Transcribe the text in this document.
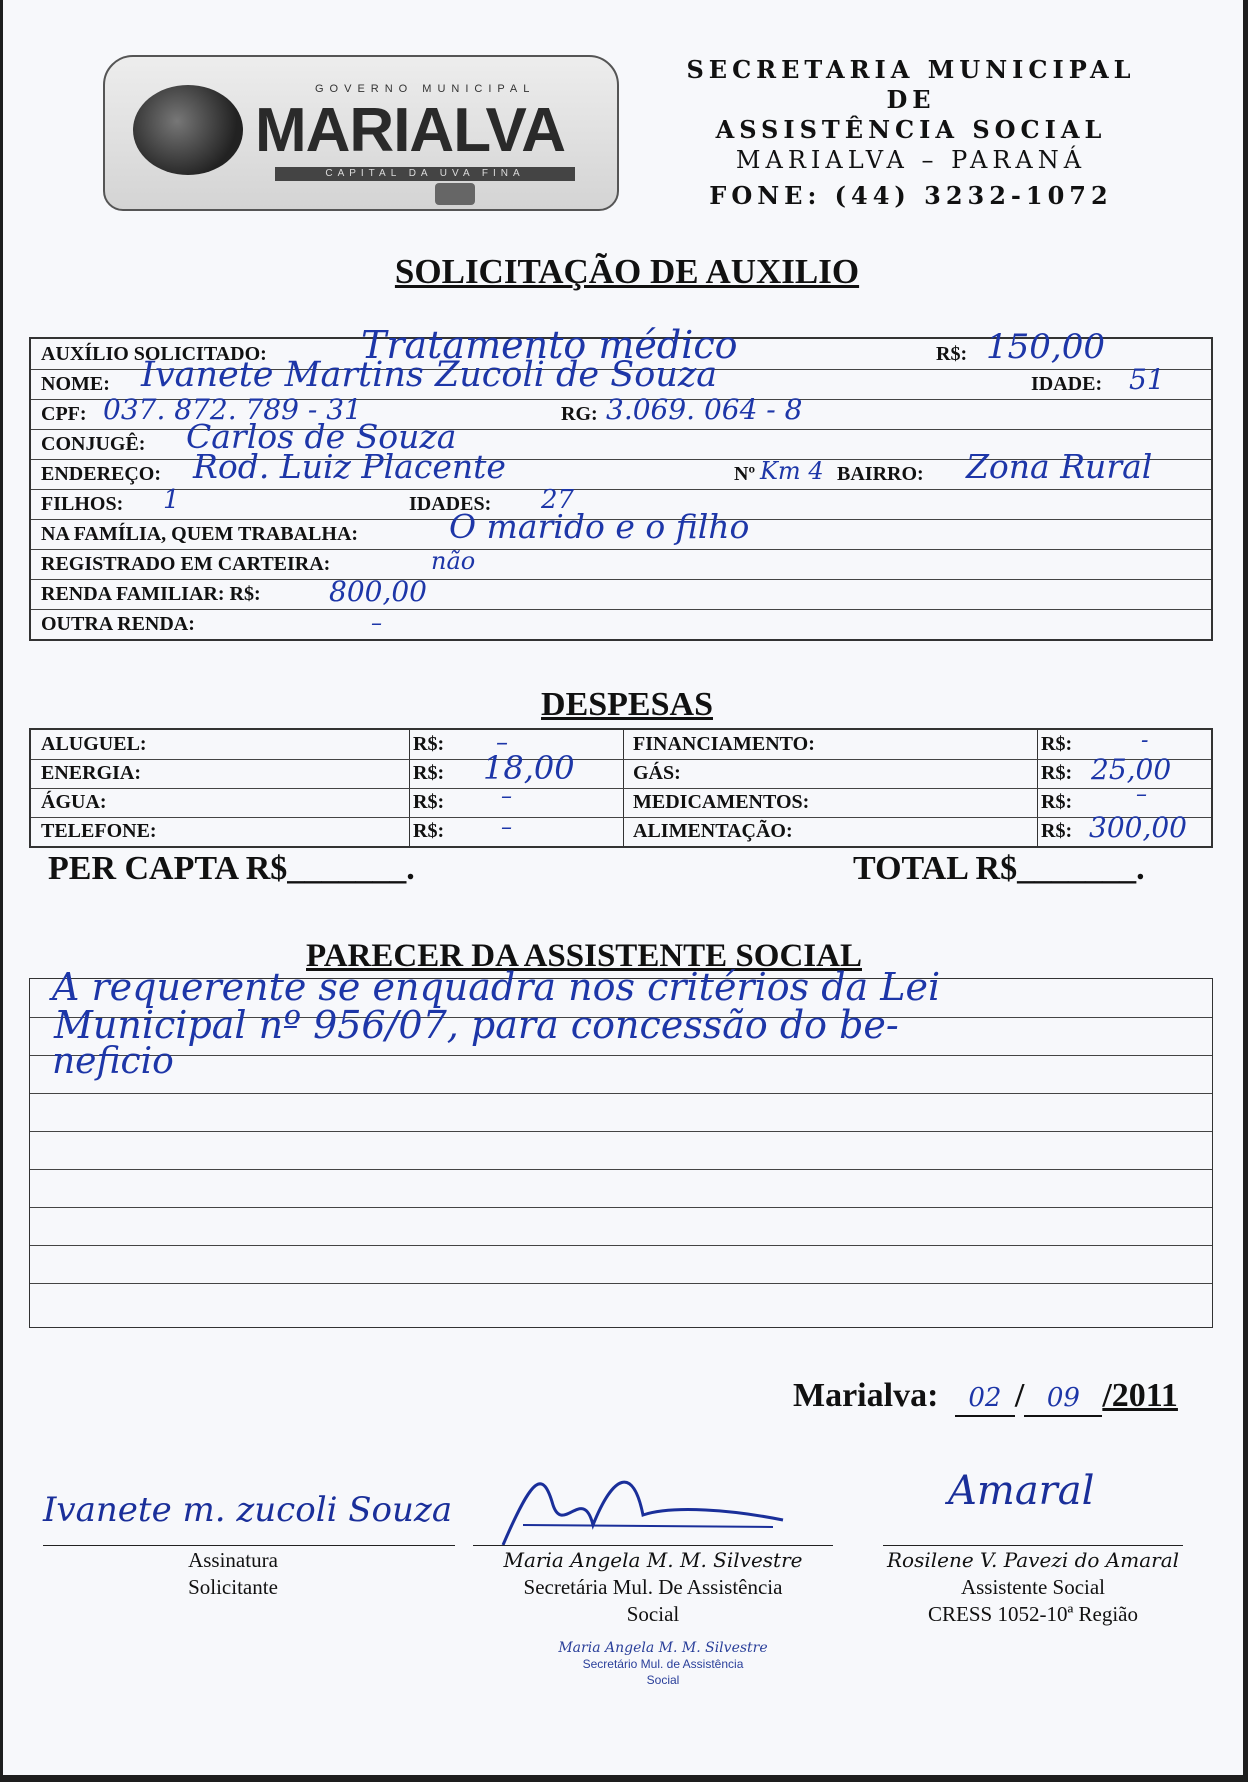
GOVERNO MUNICIPAL
MARIALVA
CAPITAL DA UVA FINA
SECRETARIA MUNICIPAL
DE
ASSISTÊNCIA SOCIAL
MARIALVA – PARANÁ
FONE: (44) 3232-1072
SOLICITAÇÃO DE AUXILIO
AUXÍLIO SOLICITADO: Tratamento médico	R$: 150,00
NOME: Ivanete Martins Zucoli de Souza	IDADE: 51
CPF: 037. 872. 789 - 31	RG: 3.069. 064 - 8
CONJUGÊ: Carlos de Souza
ENDEREÇO: Rod. Luiz Placente	Nº Km 4 BAIRRO: Zona Rural
FILHOS: 1	IDADES: 27
NA FAMÍLIA, QUEM TRABALHA:	O marido e o filho
REGISTRADO EM CARTEIRA:	não
RENDA FAMILIAR: R$: 800,00
OUTRA RENDA:	–
DESPESAS
ALUGUEL:	R$: –	FINANCIAMENTO:	R$:	-
ENERGIA:	R$: 18,00	GÁS:	R$: 25,00
ÁGUA:	R$:	–	MEDICAMENTOS:	R$:	–
TELEFONE:	R$:	–	ALIMENTAÇÃO:	R$: 300,00
PER CAPTA R$_______.	TOTAL R$_______.
PARECER DA ASSISTENTE SOCIAL
A requerente se enquadra nos critérios da Lei
Municipal nº 956/07, para concessão do be-
neficio
Marialva: 02 / 09 /2011
Ivanete m. zucoli Souza
Assinatura
Solicitante
Maria Angela M. M. Silvestre
Secretária Mul. De Assistência
Social
Amaral
Rosilene V. Pavezi do Amaral
Assistente Social
CRESS 1052-10ª Região
Maria Angela M. M. Silvestre
Secretário Mul. de Assistência
Social
